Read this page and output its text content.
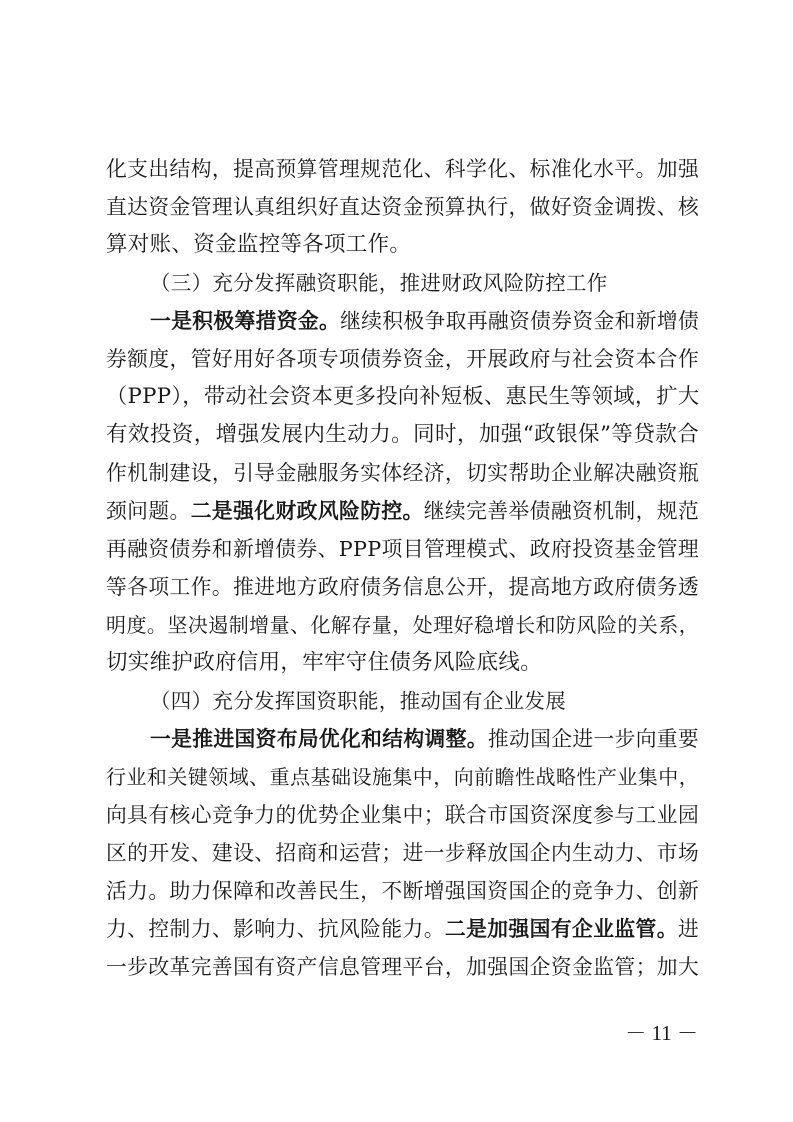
化支出结构，提高预算管理规范化、科学化、标准化水平。加强
直达资金管理认真组织好直达资金预算执行，做好资金调拨、核
算对账、资金监控等各项工作。
（三）充分发挥融资职能，推进财政风险防控工作
一是积极筹措资金。继续积极争取再融资债券资金和新增债
券额度，管好用好各项专项债券资金，开展政府与社会资本合作
（PPP），带动社会资本更多投向补短板、惠民生等领域，扩大
有效投资，增强发展内生动力。同时，加强“政银保”等贷款合
作机制建设，引导金融服务实体经济，切实帮助企业解决融资瓶
颈问题。二是强化财政风险防控。继续完善举债融资机制，规范
再融资债券和新增债券、PPP项目管理模式、政府投资基金管理
等各项工作。推进地方政府债务信息公开，提高地方政府债务透
明度。坚决遏制增量、化解存量，处理好稳增长和防风险的关系，
切实维护政府信用，牢牢守住债务风险底线。
（四）充分发挥国资职能，推动国有企业发展
一是推进国资布局优化和结构调整。推动国企进一步向重要
行业和关键领域、重点基础设施集中，向前瞻性战略性产业集中，
向具有核心竞争力的优势企业集中；联合市国资深度参与工业园
区的开发、建设、招商和运营；进一步释放国企内生动力、市场
活力。助力保障和改善民生，不断增强国资国企的竞争力、创新
力、控制力、影响力、抗风险能力。二是加强国有企业监管。进
一步改革完善国有资产信息管理平台，加强国企资金监管；加大
－ 11 －
